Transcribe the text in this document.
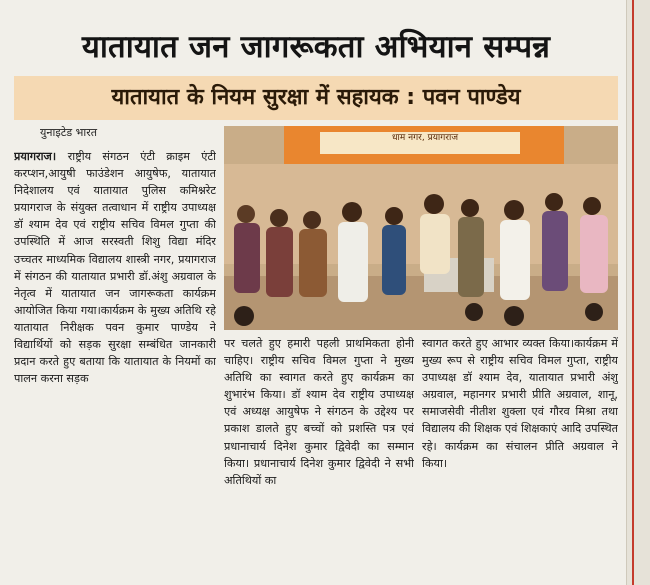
यातायात जन जागरूकता अभियान सम्पन्न
यातायात के नियम सुरक्षा में सहायक : पवन पाण्डेय
युनाइटेड भारत
प्रयागराज। राष्ट्रीय संगठन एंटी क्राइम एंटी करप्शन,आयुषी फाउंडेशन आयुषेफ, यातायात निदेशालय एवं यातायात पुलिस कमिश्नरेट प्रयागराज के संयुक्त तत्वाधान में राष्ट्रीय उपाध्यक्ष डॉ श्याम देव एवं राष्ट्रीय सचिव विमल गुप्ता की उपस्थिति में आज सरस्वती शिशु विद्या मंदिर उच्चतर माध्यमिक विद्यालय शास्त्री नगर, प्रयागराज में संगठन की यातायात प्रभारी डॉ.अंशु अग्रवाल के नेतृत्व में यातायात जन जागरूकता कार्यक्रम आयोजित किया गया।कार्यक्रम के मुख्य अतिथि रहे यातायात निरीक्षक पवन कुमार पाण्डेय ने विद्यार्थियों को सड़क सुरक्षा सम्बंधित जानकारी प्रदान करते हुए बताया कि यातायात के नियमों का पालन करना सड़क
धाम नगर, प्रयागराज
पर चलते हुए हमारी पहली प्राथमिकता होनी चाहिए। राष्ट्रीय सचिव विमल गुप्ता ने मुख्य अतिथि का स्वागत करते हुए कार्यक्रम का शुभारंभ किया। डॉ श्याम देव राष्ट्रीय उपाध्यक्ष एवं अध्यक्ष आयुषेफ ने संगठन के उद्देश्य पर प्रकाश डालते हुए बच्चों को प्रशस्ति पत्र एवं प्रधानाचार्य दिनेश कुमार द्विवेदी का सम्मान किया। प्रधानाचार्य दिनेश कुमार द्विवेदी ने सभी अतिथियों का
स्वागत करते हुए आभार व्यक्त किया।कार्यक्रम में मुख्य रूप से राष्ट्रीय सचिव विमल गुप्ता, राष्ट्रीय उपाध्यक्ष डॉ श्याम देव, यातायात प्रभारी अंशु अग्रवाल, महानगर प्रभारी प्रीति अग्रवाल, शानू, समाजसेवी नीतीश शुक्ला एवं गौरव मिश्रा तथा विद्यालय की शिक्षक एवं शिक्षकाएं आदि उपस्थित रहे। कार्यक्रम का संचालन प्रीति अग्रवाल ने किया।
